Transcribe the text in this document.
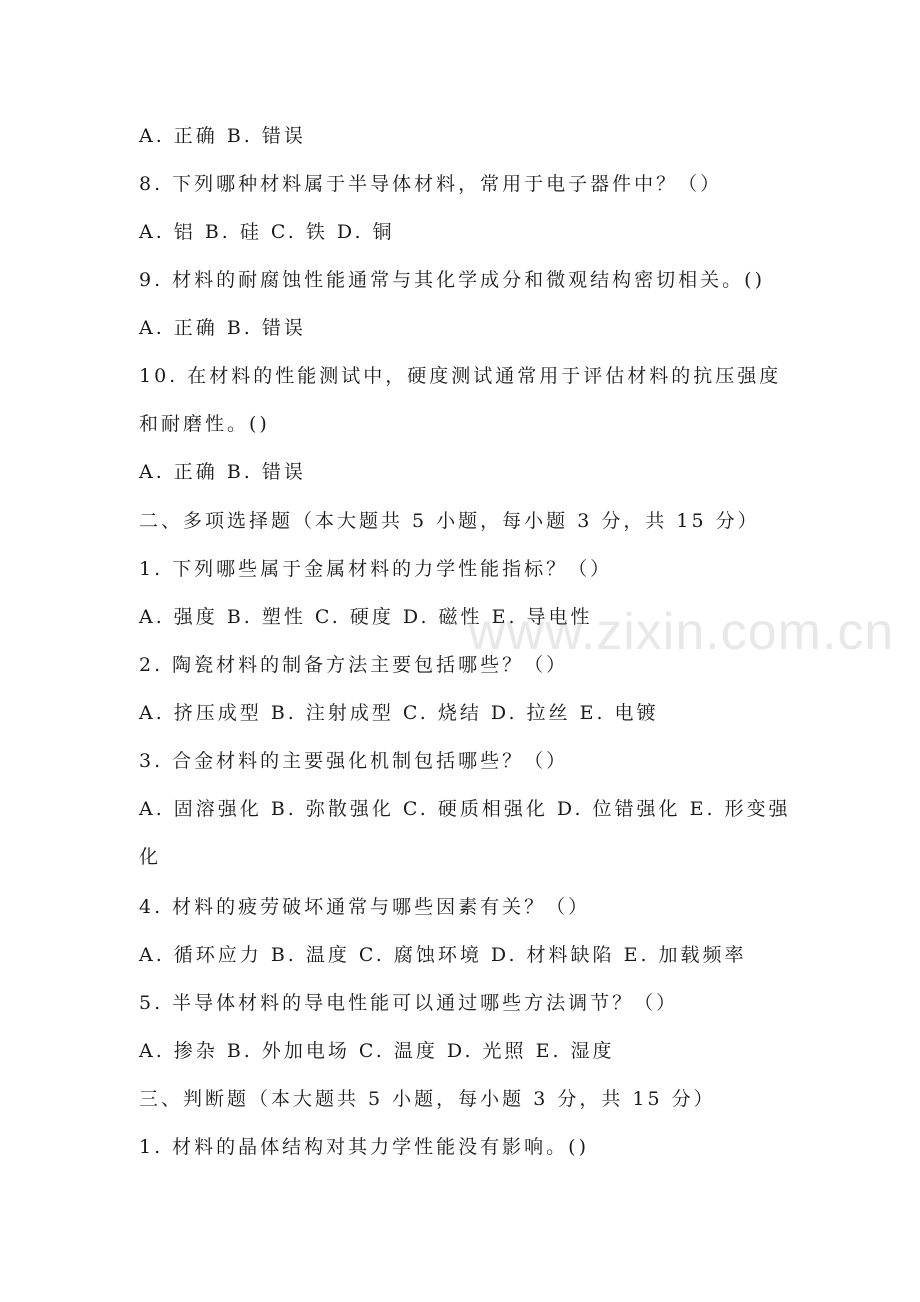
A. 正确 B. 错误
8. 下列哪种材料属于半导体材料，常用于电子器件中？（）
A. 铝 B. 硅 C. 铁 D. 铜
9. 材料的耐腐蚀性能通常与其化学成分和微观结构密切相关。()
A. 正确 B. 错误
10. 在材料的性能测试中，硬度测试通常用于评估材料的抗压强度
和耐磨性。()
A. 正确 B. 错误
二、多项选择题（本大题共 5 小题，每小题 3 分，共 15 分）
1. 下列哪些属于金属材料的力学性能指标？（）
A. 强度 B. 塑性 C. 硬度 D. 磁性 E. 导电性
2. 陶瓷材料的制备方法主要包括哪些？（）
A. 挤压成型 B. 注射成型 C. 烧结 D. 拉丝 E. 电镀
3. 合金材料的主要强化机制包括哪些？（）
A. 固溶强化 B. 弥散强化 C. 硬质相强化 D. 位错强化 E. 形变强
化
4. 材料的疲劳破坏通常与哪些因素有关？（）
A. 循环应力 B. 温度 C. 腐蚀环境 D. 材料缺陷 E. 加载频率
5. 半导体材料的导电性能可以通过哪些方法调节？（）
A. 掺杂 B. 外加电场 C. 温度 D. 光照 E. 湿度
三、判断题（本大题共 5 小题，每小题 3 分，共 15 分）
1. 材料的晶体结构对其力学性能没有影响。()
www.zixin.com.cn
